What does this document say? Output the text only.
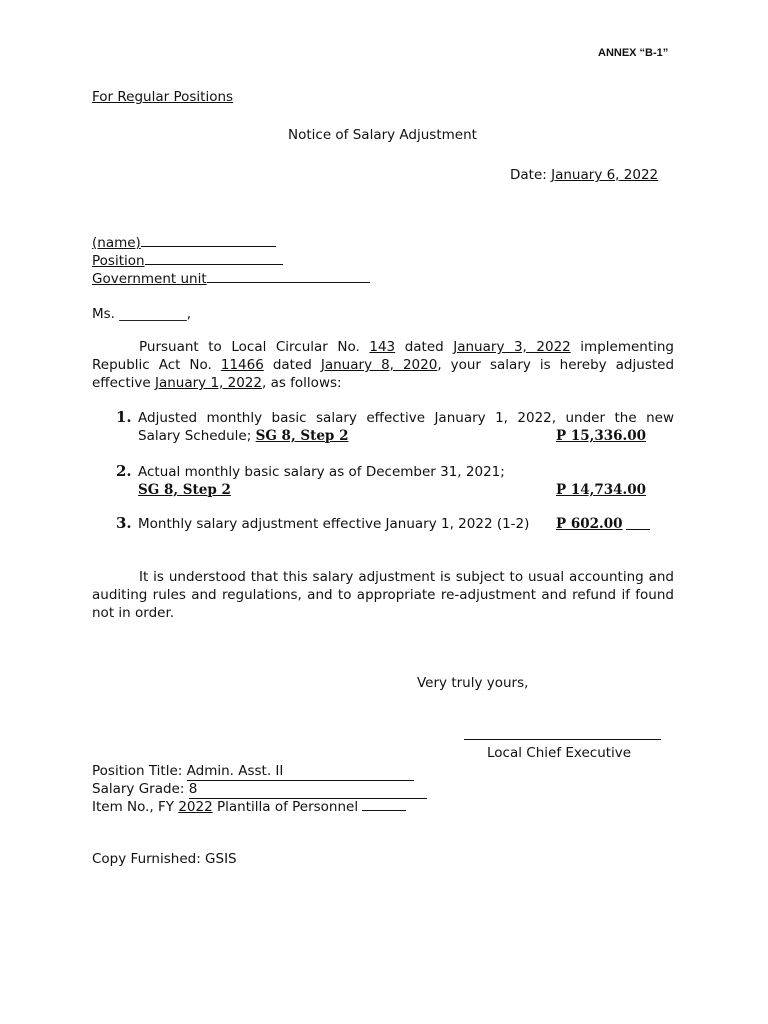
ANNEX “B-1”
For Regular Positions
Notice of Salary Adjustment
Date: January 6, 2022
(name)
Position
Government unit
Ms. __________,
Pursuant to Local Circular No. 143 dated January 3, 2022 implementing Republic Act No. 11466 dated January 8, 2020, your salary is hereby adjusted effective January 1, 2022, as follows:
1. Adjusted monthly basic salary effective January 1, 2022, under the new
Salary Schedule; SG 8, Step 2	P 15,336.00
2. Actual monthly basic salary as of December 31, 2021;
SG 8, Step 2	P 14,734.00
3. Monthly salary adjustment effective January 1, 2022 (1-2) P 602.00
It is understood that this salary adjustment is subject to usual accounting and auditing rules and regulations, and to appropriate re-adjustment and refund if found not in order.
Very truly yours,
Local Chief Executive
Position Title: Admin. Asst. II
Salary Grade: 8
Item No., FY 2022 Plantilla of Personnel
Copy Furnished: GSIS
